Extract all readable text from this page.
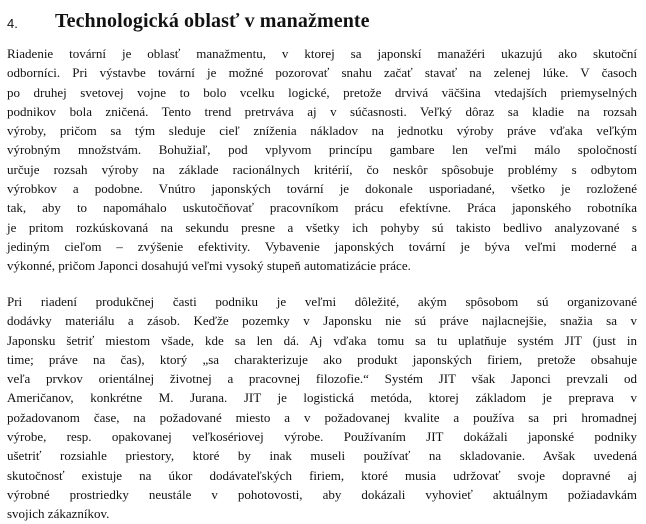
4. Technologická oblasť v manažmente
Riadenie tovární je oblasť manažmentu, v ktorej sa japonskí manažéri ukazujú ako skutoční
odborníci. Pri výstavbe tovární je možné pozorovať snahu začať stavať na zelenej lúke. V časoch
po druhej svetovej vojne to bolo vcelku logické, pretože drvivá väčšina vtedajších priemyselných
podnikov bola zničená. Tento trend pretrváva aj v súčasnosti. Veľký dôraz sa kladie na rozsah
výroby, pričom sa tým sleduje cieľ zníženia nákladov na jednotku výroby práve vďaka veľkým
výrobným množstvám. Bohužiaľ, pod vplyvom princípu gambare len veľmi málo spoločností
určuje rozsah výroby na základe racionálnych kritérií, čo neskôr spôsobuje problémy s odbytom
výrobkov a podobne. Vnútro japonských tovární je dokonale usporiadané, všetko je rozložené
tak, aby to napomáhalo uskutočňovať pracovníkom prácu efektívne. Práca japonského robotníka
je pritom rozkúskovaná na sekundu presne a všetky ich pohyby sú takisto bedlivo analyzované s
jediným cieľom – zvýšenie efektivity. Vybavenie japonských tovární je býva veľmi moderné a
výkonné, pričom Japonci dosahujú veľmi vysoký stupeň automatizácie práce.
Pri riadení produkčnej časti podniku je veľmi dôležité, akým spôsobom sú organizované
dodávky materiálu a zásob. Keďže pozemky v Japonsku nie sú práve najlacnejšie, snažia sa v
Japonsku šetriť miestom všade, kde sa len dá. Aj vďaka tomu sa tu uplatňuje systém JIT (just in
time; práve na čas), ktorý „sa charakterizuje ako produkt japonských firiem, pretože obsahuje
veľa prvkov orientálnej životnej a pracovnej filozofie.“ Systém JIT však Japonci prevzali od
Američanov, konkrétne M. Jurana. JIT je logistická metóda, ktorej základom je preprava v
požadovanom čase, na požadované miesto a v požadovanej kvalite a používa sa pri hromadnej
výrobe, resp. opakovanej veľkosériovej výrobe. Používaním JIT dokážali japonské podniky
ušetriť rozsiahle priestory, ktoré by inak museli používať na skladovanie. Avšak uvedená
skutočnosť existuje na úkor dodávateľských firiem, ktoré musia udržovať svoje dopravné aj
výrobné prostriedky neustále v pohotovosti, aby dokázali vyhovieť aktuálnym požiadavkám
svojich zákazníkov.
